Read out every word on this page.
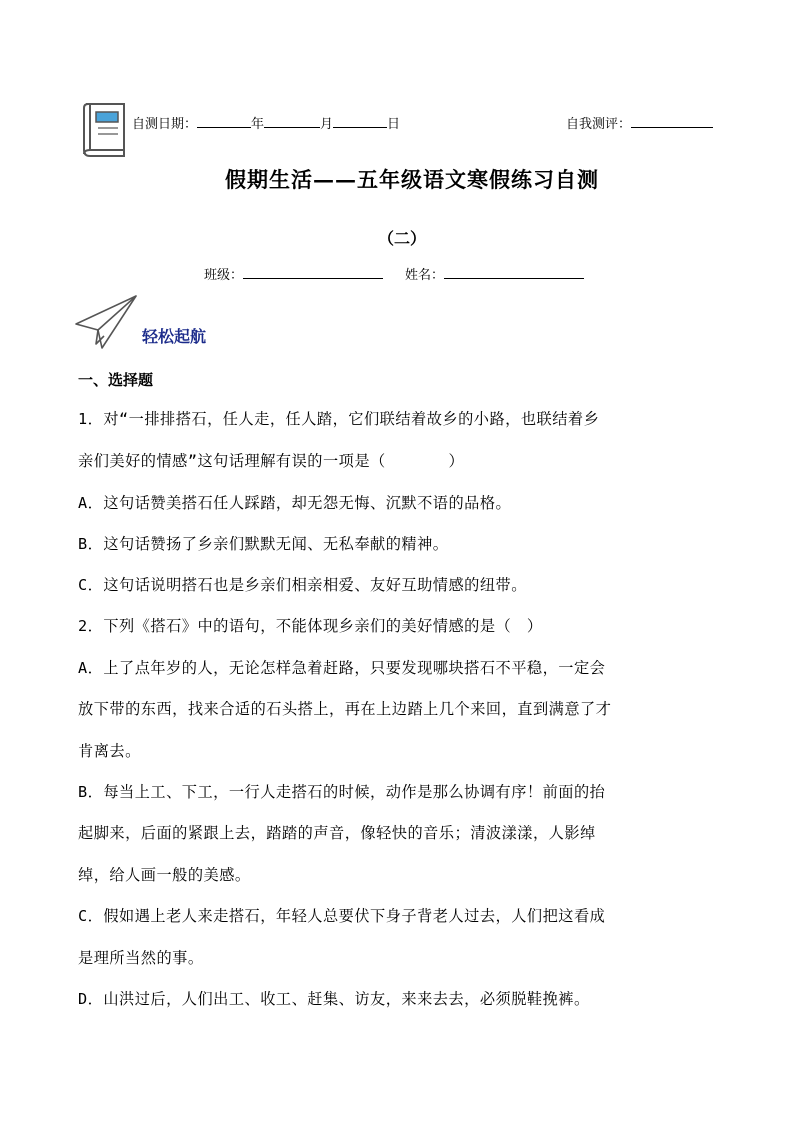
自测日期：	年	月	日	自我测评：
假期生活——五年级语文寒假练习自测
（二）
班级：	姓名：
轻松起航
一、选择题
1．对“一排排搭石，任人走，任人踏，它们联结着故乡的小路，也联结着乡
亲们美好的情感”这句话理解有误的一项是（　　　　）
A．这句话赞美搭石任人踩踏，却无怨无悔、沉默不语的品格。
B．这句话赞扬了乡亲们默默无闻、无私奉献的精神。
C．这句话说明搭石也是乡亲们相亲相爱、友好互助情感的纽带。
2．下列《搭石》中的语句，不能体现乡亲们的美好情感的是（　）
A．上了点年岁的人，无论怎样急着赶路，只要发现哪块搭石不平稳，一定会
放下带的东西，找来合适的石头搭上，再在上边踏上几个来回，直到满意了才
肯离去。
B．每当上工、下工，一行人走搭石的时候，动作是那么协调有序！前面的抬
起脚来，后面的紧跟上去，踏踏的声音，像轻快的音乐；清波漾漾，人影绰
绰，给人画一般的美感。
C．假如遇上老人来走搭石，年轻人总要伏下身子背老人过去，人们把这看成
是理所当然的事。
D．山洪过后，人们出工、收工、赶集、访友，来来去去，必须脱鞋挽裤。
